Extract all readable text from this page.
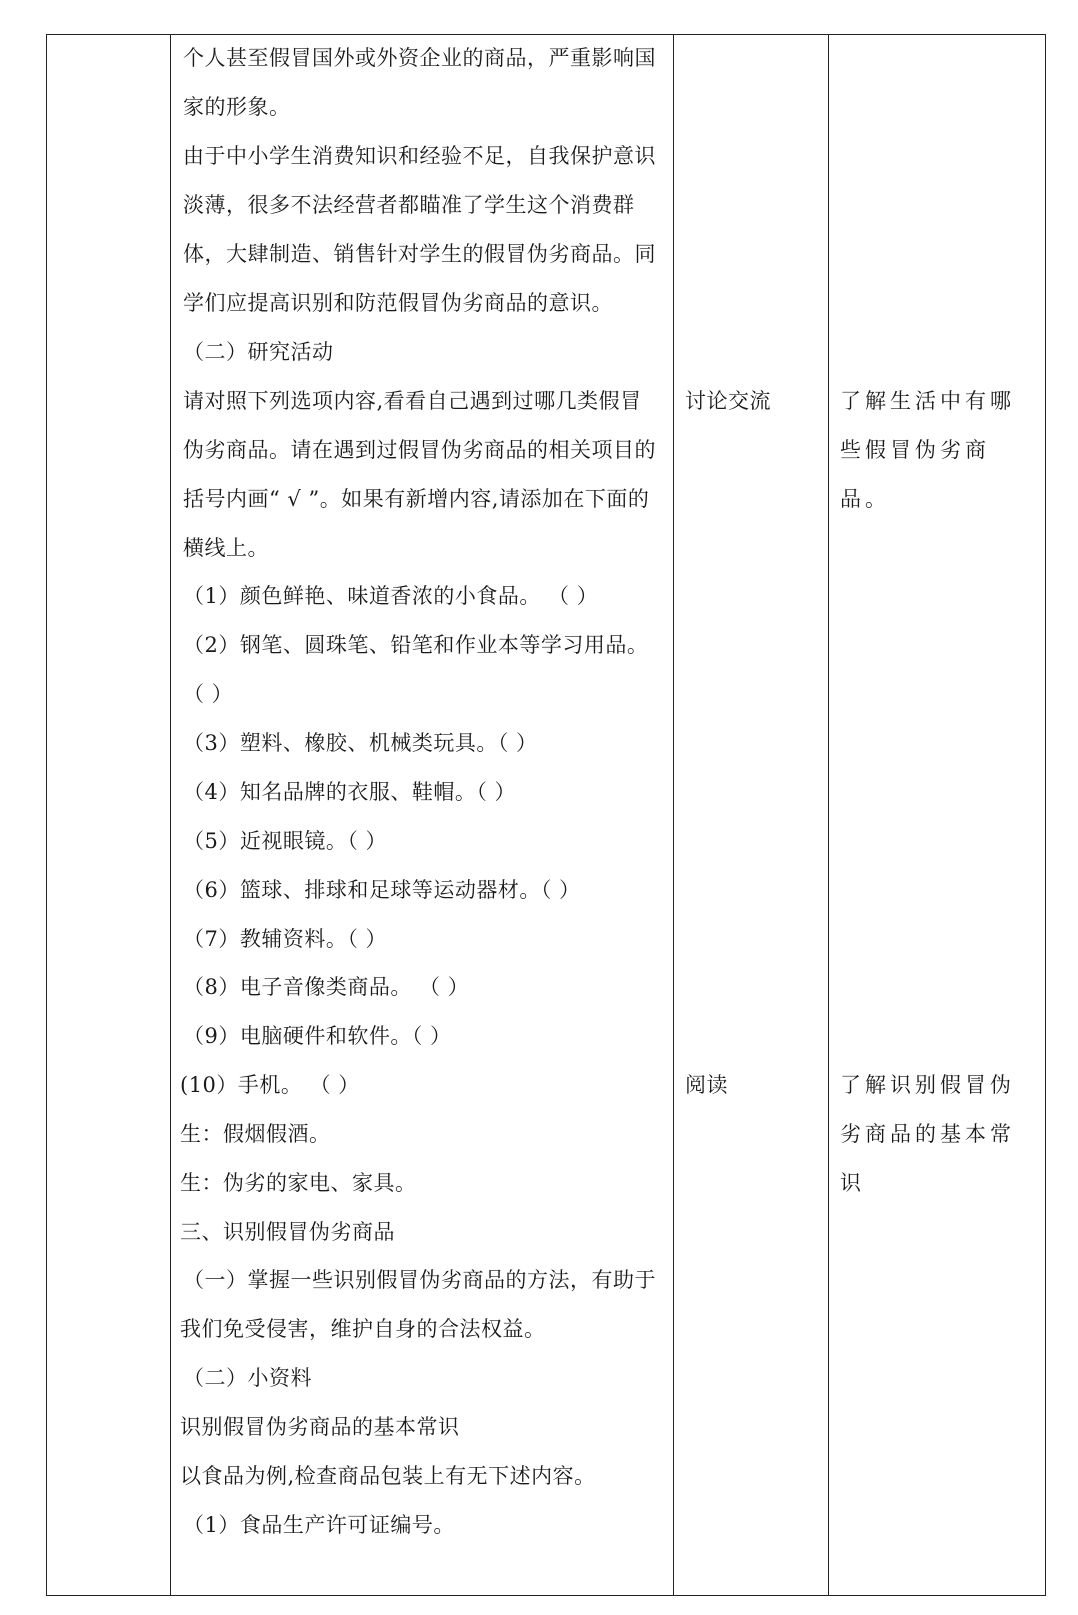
个人甚至假冒国外或外资企业的商品，严重影响国
家的形象。
由于中小学生消费知识和经验不足，自我保护意识
淡薄，很多不法经营者都瞄准了学生这个消费群
体，大肆制造、销售针对学生的假冒伪劣商品。同
学们应提高识别和防范假冒伪劣商品的意识。
（二）研究活动
请对照下列选项内容,看看自己遇到过哪几类假冒
伪劣商品。请在遇到过假冒伪劣商品的相关项目的
括号内画“ √ ”。如果有新增内容,请添加在下面的
横线上。
（1）颜色鲜艳、味道香浓的小食品。 （ ）
（2）钢笔、圆珠笔、铅笔和作业本等学习用品。
（ ）
（3）塑料、橡胶、机械类玩具。（ ）
（4）知名品牌的衣服、鞋帽。（ ）
（5）近视眼镜。（ ）
（6）篮球、排球和足球等运动器材。（ ）
（7）教辅资料。（ ）
（8）电子音像类商品。 （ ）
（9）电脑硬件和软件。（ ）
(10）手机。 （ ）
生：假烟假酒。
生：伪劣的家电、家具。
三、识别假冒伪劣商品
（一）掌握一些识别假冒伪劣商品的方法，有助于
我们免受侵害，维护自身的合法权益。
（二）小资料
识别假冒伪劣商品的基本常识
以食品为例,检查商品包装上有无下述内容。
（1）食品生产许可证编号。
讨论交流
阅读
了解生活中有哪
些假冒伪劣商
品。
了解识别假冒伪
劣商品的基本常
识
